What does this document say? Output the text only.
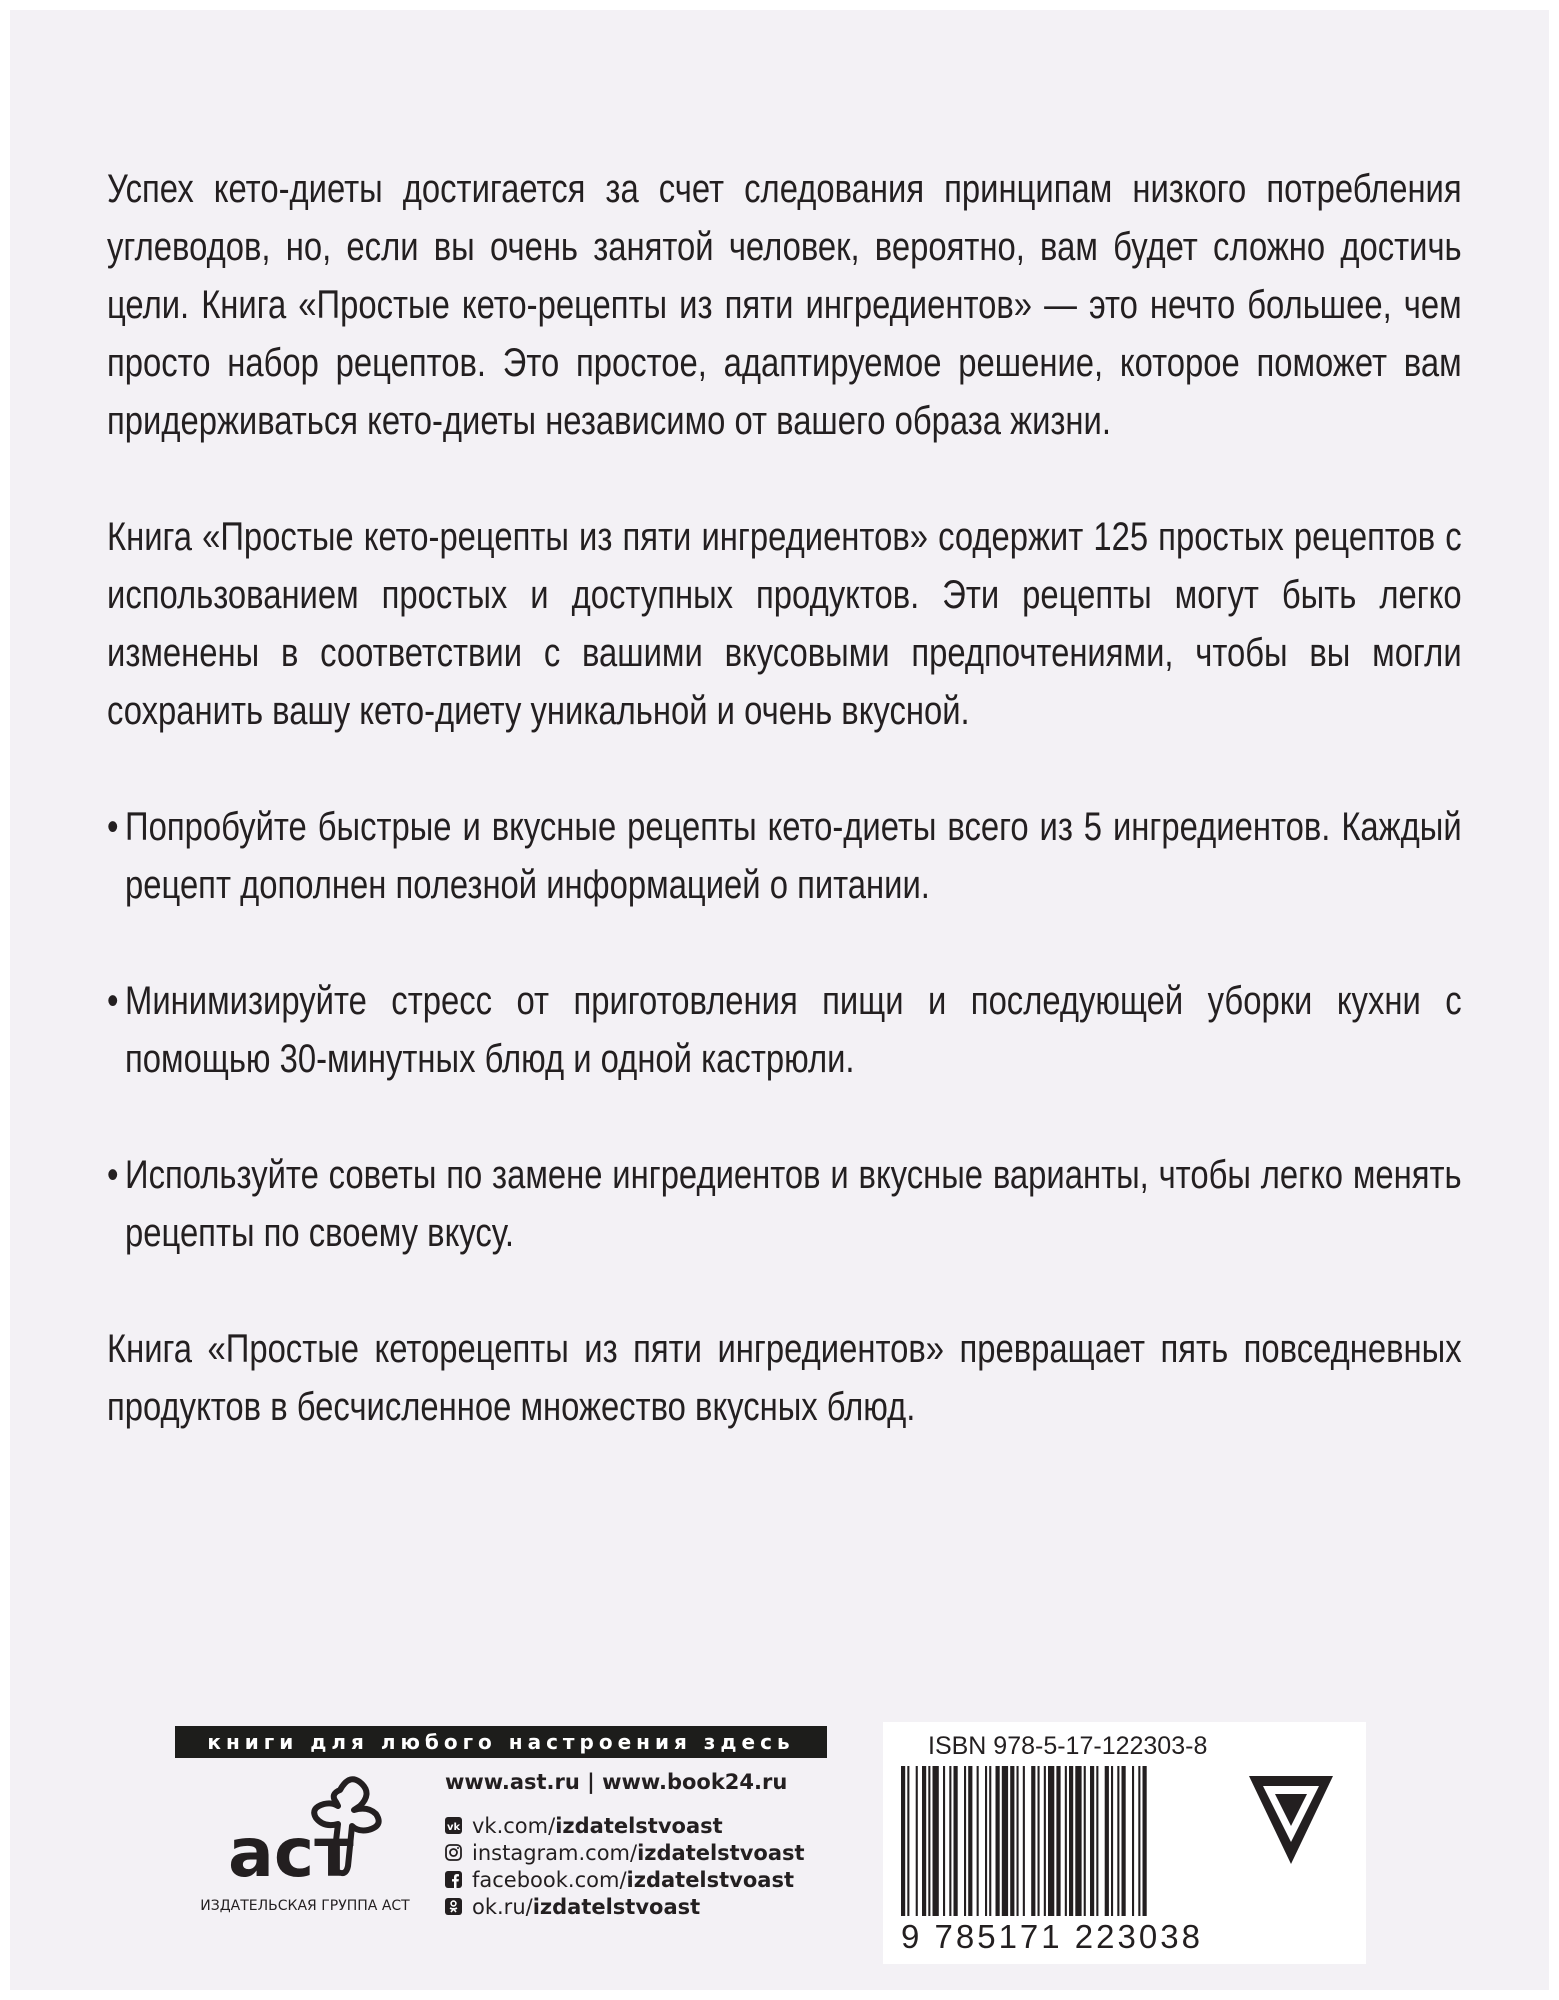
Успех кето-диеты достигается за счет следования принципам низкого потребления углеводов, но, если вы очень занятой человек, вероятно, вам будет сложно достичь цели. Книга «Простые кето-рецепты из пяти ингредиентов» — это нечто большее, чем просто набор рецептов. Это простое, адаптируемое решение, которое поможет вам придерживаться кето-диеты независимо от вашего образа жизни.

Книга «Простые кето-рецепты из пяти ингредиентов» содержит 125 простых рецептов с использованием простых и доступных продуктов. Эти рецепты могут быть легко изменены в соответствии с вашими вкусовыми предпочтениями, чтобы вы могли сохранить вашу кето-диету уникальной и очень вкусной.

• Попробуйте быстрые и вкусные рецепты кето-диеты всего из 5 ингредиентов. Каждый рецепт дополнен полезной информацией о питании.
• Минимизируйте стресс от приготовления пищи и последующей уборки кухни с помощью 30-минутных блюд и одной кастрюли.
• Используйте советы по замене ингредиентов и вкусные варианты, чтобы легко менять рецепты по своему вкусу.

Книга «Простые кеторецепты из пяти ингредиентов» превращает пять повседневных продуктов в бесчисленное множество вкусных блюд.

книги для любого настроения здесь
аст
ИЗДАТЕЛЬСКАЯ ГРУППА АСТ
www.ast.ru | www.book24.ru
vk vk.com/ izdatelstvoast
instagram.com/ izdatelstvoast
facebook.com/ izdatelstvoast
ok.ru/ izdatelstvoast
ISBN 978-5-17-122303-8
9 785171 223038
